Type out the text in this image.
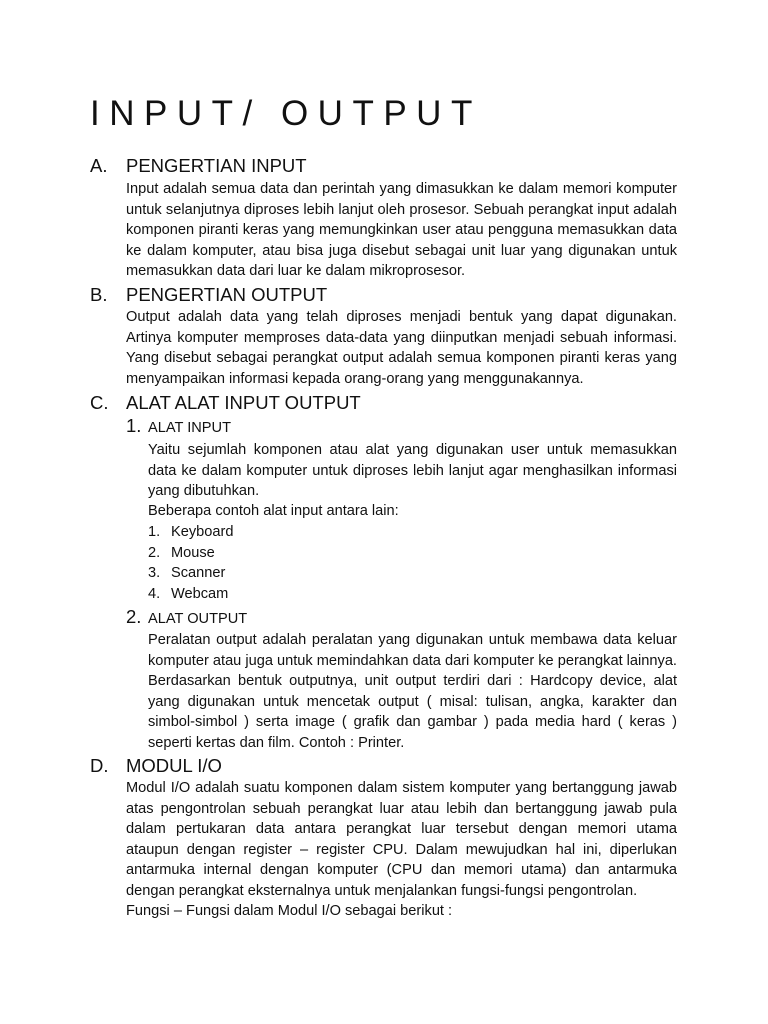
INPUT/ OUTPUT
A. PENGERTIAN INPUT
Input adalah semua data dan perintah yang dimasukkan ke dalam memori komputer untuk selanjutnya diproses lebih lanjut oleh prosesor. Sebuah perangkat input adalah komponen piranti keras yang memungkinkan user atau pengguna memasukkan data ke dalam komputer, atau bisa juga disebut sebagai unit luar yang digunakan untuk memasukkan data dari luar ke dalam mikroprosesor.
B. PENGERTIAN OUTPUT
Output adalah data yang telah diproses menjadi bentuk yang dapat digunakan. Artinya komputer memproses data-data yang diinputkan menjadi sebuah informasi. Yang disebut sebagai perangkat output adalah semua komponen piranti keras yang menyampaikan informasi kepada orang-orang yang menggunakannya.
C. ALAT ALAT INPUT OUTPUT
1. ALAT INPUT
Yaitu sejumlah komponen atau alat yang digunakan user untuk memasukkan data ke dalam komputer untuk diproses lebih lanjut agar menghasilkan informasi yang dibutuhkan.
Beberapa contoh alat input antara lain:
1. Keyboard
2. Mouse
3. Scanner
4. Webcam
2. ALAT OUTPUT
Peralatan output adalah peralatan yang digunakan untuk membawa data keluar komputer atau juga untuk memindahkan data dari komputer ke perangkat lainnya. Berdasarkan bentuk outputnya, unit output terdiri dari : Hardcopy device, alat yang digunakan untuk mencetak output ( misal: tulisan, angka, karakter dan simbol-simbol ) serta image ( grafik dan gambar ) pada media hard ( keras ) seperti kertas dan film. Contoh : Printer.
D. MODUL I/O
Modul I/O adalah suatu komponen dalam sistem komputer yang bertanggung jawab atas pengontrolan sebuah perangkat luar atau lebih dan bertanggung jawab pula dalam pertukaran data antara perangkat luar tersebut dengan memori utama ataupun dengan register – register CPU. Dalam mewujudkan hal ini, diperlukan antarmuka internal dengan komputer (CPU dan memori utama) dan antarmuka dengan perangkat eksternalnya untuk menjalankan fungsi-fungsi pengontrolan.
Fungsi – Fungsi dalam Modul I/O sebagai berikut :
